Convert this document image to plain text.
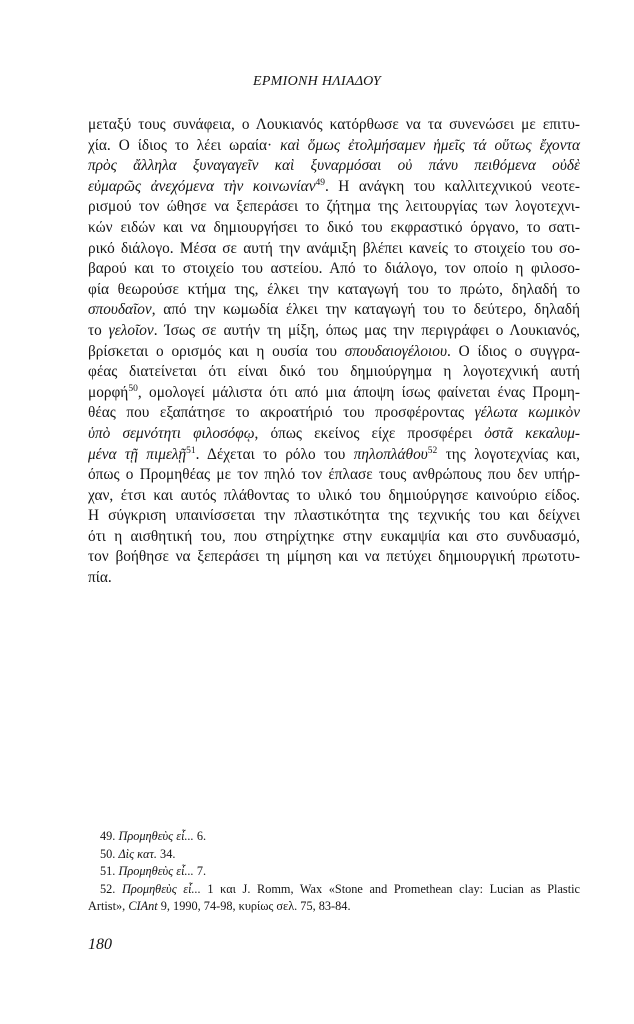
ΕΡΜΙΟΝΗ ΗΛΙΑΔΟΥ
μεταξύ τους συνάφεια, ο Λουκιανός κατόρθωσε να τα συνενώσει με επιτυ-
χία. Ο ίδιος το λέει ωραία· καὶ ὅμως ἐτολμήσαμεν ἡμεῖς τά οὕτως ἔχοντα
πρὸς ἄλληλα ξυναγαγεῖν καὶ ξυναρμόσαι οὐ πάνυ πειθόμενα οὐδὲ
εὐμαρῶς ἀνεχόμενα τὴν κοινωνίαν$^{49}$. Η ανάγκη του καλλιτεχνικού νεοτε-
ρισμού τον ώθησε να ξεπεράσει το ζήτημα της λειτουργίας των λογοτεχνι-
κών ειδών και να δημιουργήσει το δικό του εκφραστικό όργανο, το σατι-
ρικό διάλογο. Μέσα σε αυτή την ανάμιξη βλέπει κανείς το στοιχείο του σο-
βαρού και το στοιχείο του αστείου. Από το διάλογο, τον οποίο η φιλοσο-
φία θεωρούσε κτήμα της, έλκει την καταγωγή του το πρώτο, δηλαδή το
σπουδαῖον, από την κωμωδία έλκει την καταγωγή του το δεύτερο, δηλαδή
το γελοῖον. Ίσως σε αυτήν τη μίξη, όπως μας την περιγράφει ο Λουκιανός,
βρίσκεται ο ορισμός και η ουσία του σπουδαιογέλοιου. Ο ίδιος ο συγγρα-
φέας διατείνεται ότι είναι δικό του δημιούργημα η λογοτεχνική αυτή
μορφή$^{50}$, ομολογεί μάλιστα ότι από μια άποψη ίσως φαίνεται ένας Προμη-
θέας που εξαπάτησε το ακροατήριό του προσφέροντας γέλωτα κωμικὸν
ὑπὸ σεμνότητι φιλοσόφῳ, όπως εκείνος είχε προσφέρει ὀστᾶ κεκαλυμ-
μένα τῇ πιμελῇ$^{51}$. Δέχεται το ρόλο του πηλοπλάθου$^{52}$ της λογοτεχνίας και,
όπως ο Προμηθέας με τον πηλό τον έπλασε τους ανθρώπους που δεν υπήρ-
χαν, έτσι και αυτός πλάθοντας το υλικό του δημιούργησε καινούριο είδος.
Η σύγκριση υπαινίσσεται την πλαστικότητα της τεχνικής του και δείχνει
ότι η αισθητική του, που στηρίχτηκε στην ευκαμψία και στο συνδυασμό,
τον βοήθησε να ξεπεράσει τη μίμηση και να πετύχει δημιουργική πρωτοτυ-
πία.
49. Προμηθεὺς εἶ... 6.
50. Δὶς κατ. 34.
51. Προμηθεὺς εἶ... 7.
52. Προμηθεὺς εἶ... 1 και J. Romm, Wax «Stone and Promethean clay: Lucian as Plastic
Artist», CIAnt 9, 1990, 74-98, κυρίως σελ. 75, 83-84.
180
